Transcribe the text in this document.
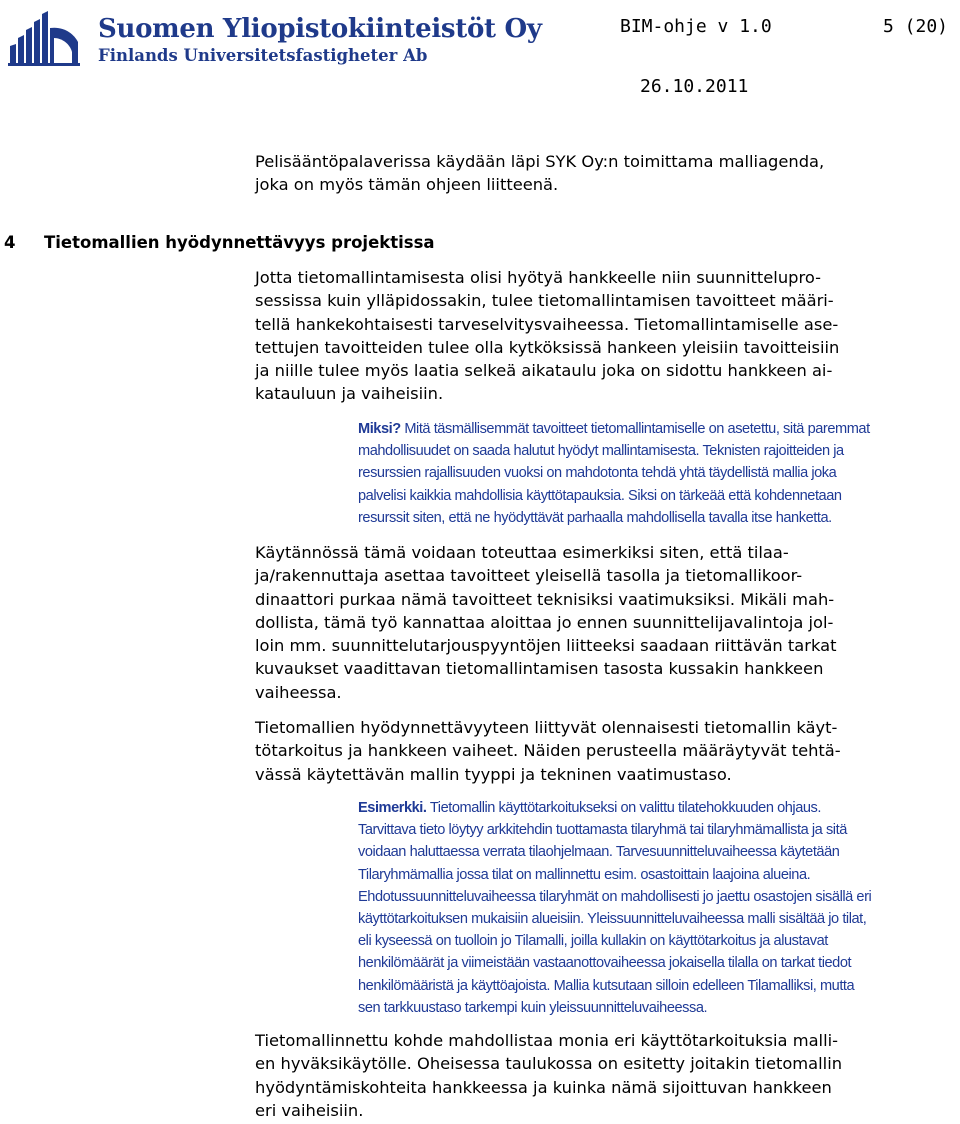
Suomen Yliopistokiinteistöt Oy
Finlands Universitetsfastigheter Ab
BIM-ohje v 1.0	5 (20)
26.10.2011
Pelisääntöpalaverissa käydään läpi SYK Oy:n toimittama malliagenda,
joka on myös tämän ohjeen liitteenä.
4 Tietomallien hyödynnettävyys projektissa
Jotta tietomallintamisesta olisi hyötyä hankkeelle niin suunnittelupro-
sessissa kuin ylläpidossakin, tulee tietomallintamisen tavoitteet määri-
tellä hankekohtaisesti tarveselvitysvaiheessa. Tietomallintamiselle ase-
tettujen tavoitteiden tulee olla kytköksissä hankeen yleisiin tavoitteisiin
ja niille tulee myös laatia selkeä aikataulu joka on sidottu hankkeen ai-
katauluun ja vaiheisiin.
Miksi? Mitä täsmällisemmät tavoitteet tietomallintamiselle on asetettu, sitä paremmat
mahdollisuudet on saada halutut hyödyt mallintamisesta. Teknisten rajoitteiden ja
resurssien rajallisuuden vuoksi on mahdotonta tehdä yhtä täydellistä mallia joka
palvelisi kaikkia mahdollisia käyttötapauksia. Siksi on tärkeää että kohdennetaan
resurssit siten, että ne hyödyttävät parhaalla mahdollisella tavalla itse hanketta.
Käytännössä tämä voidaan toteuttaa esimerkiksi siten, että tilaa-
ja/rakennuttaja asettaa tavoitteet yleisellä tasolla ja tietomallikoor-
dinaattori purkaa nämä tavoitteet teknisiksi vaatimuksiksi. Mikäli mah-
dollista, tämä työ kannattaa aloittaa jo ennen suunnittelijavalintoja jol-
loin mm. suunnittelutarjouspyyntöjen liitteeksi saadaan riittävän tarkat
kuvaukset vaadittavan tietomallintamisen tasosta kussakin hankkeen
vaiheessa.
Tietomallien hyödynnettävyyteen liittyvät olennaisesti tietomallin käyt-
tötarkoitus ja hankkeen vaiheet. Näiden perusteella määräytyvät tehtä-
vässä käytettävän mallin tyyppi ja tekninen vaatimustaso.
Esimerkki. Tietomallin käyttötarkoitukseksi on valittu tilatehokkuuden ohjaus.
Tarvittava tieto löytyy arkkitehdin tuottamasta tilaryhmä tai tilaryhmämallista ja sitä
voidaan haluttaessa verrata tilaohjelmaan. Tarvesuunnitteluvaiheessa käytetään
Tilaryhmämallia jossa tilat on mallinnettu esim. osastoittain laajoina alueina.
Ehdotussuunnitteluvaiheessa tilaryhmät on mahdollisesti jo jaettu osastojen sisällä eri
käyttötarkoituksen mukaisiin alueisiin. Yleissuunnitteluvaiheessa malli sisältää jo tilat,
eli kyseessä on tuolloin jo Tilamalli, joilla kullakin on käyttötarkoitus ja alustavat
henkilömäärät ja viimeistään vastaanottovaiheessa jokaisella tilalla on tarkat tiedot
henkilömääristä ja käyttöajoista. Mallia kutsutaan silloin edelleen Tilamalliksi, mutta
sen tarkkuustaso tarkempi kuin yleissuunnitteluvaiheessa.
Tietomallinnettu kohde mahdollistaa monia eri käyttötarkoituksia malli-
en hyväksikäytölle. Oheisessa taulukossa on esitetty joitakin tietomallin
hyödyntämiskohteita hankkeessa ja kuinka nämä sijoittuvan hankkeen
eri vaiheisiin.
